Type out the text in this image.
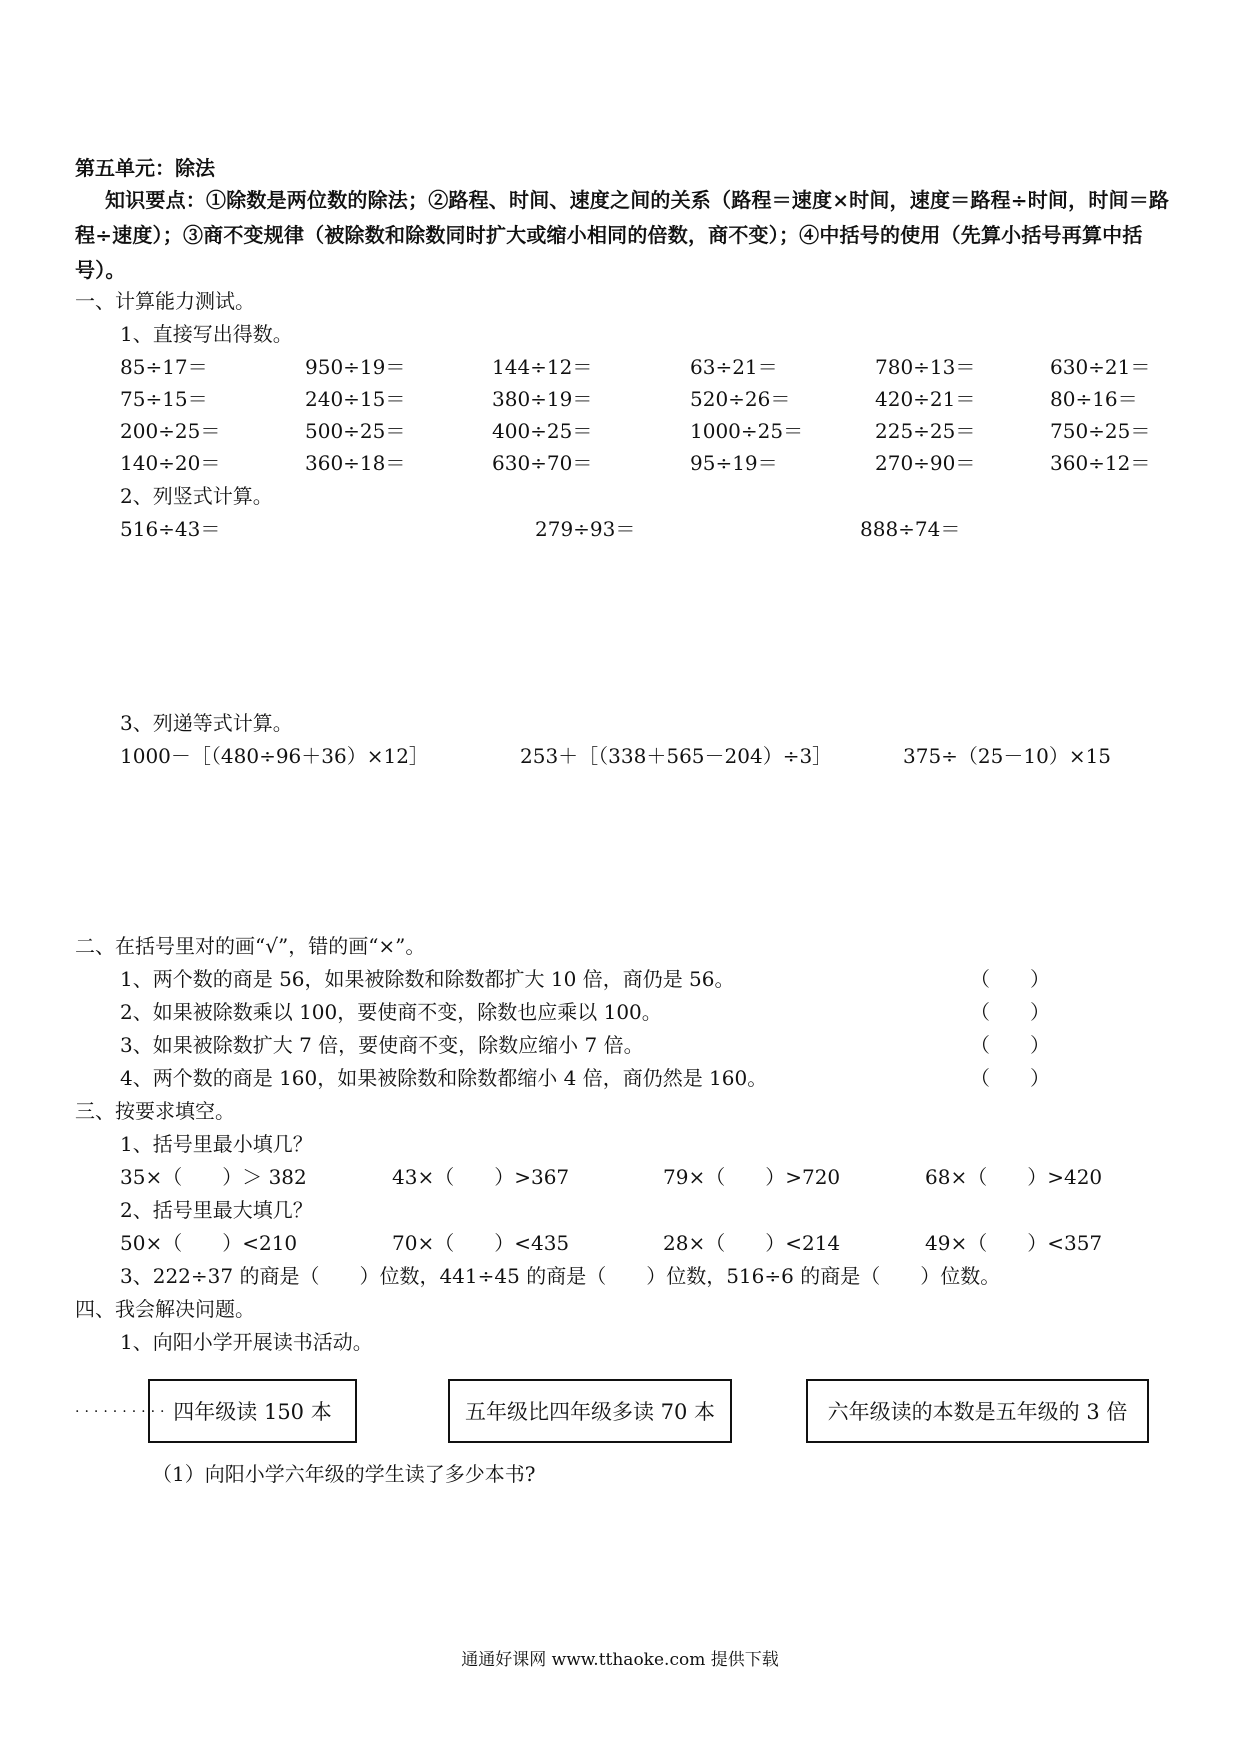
第五单元：除法
知识要点：①除数是两位数的除法；②路程、时间、速度之间的关系（路程＝速度×时间，速度＝路程÷时间，时间＝路程÷速度）；③商不变规律（被除数和除数同时扩大或缩小相同的倍数，商不变）；④中括号的使用（先算小括号再算中括号）。
一、计算能力测试。
1、直接写出得数。
85÷17＝	950÷19＝	144÷12＝	63÷21＝	780÷13＝	630÷21＝
75÷15＝	240÷15＝	380÷19＝	520÷26＝	420÷21＝	80÷16＝
200÷25＝	500÷25＝	400÷25＝	1000÷25＝	225÷25＝	750÷25＝
140÷20＝	360÷18＝	630÷70＝	95÷19＝	270÷90＝	360÷12＝
2、列竖式计算。
516÷43＝	279÷93＝	888÷74＝
3、列递等式计算。
1000－［（480÷96＋36）×12］	253＋［（338＋565－204）÷3］	375÷（25－10）×15
二、在括号里对的画“√”，错的画“×”。
1、两个数的商是 56，如果被除数和除数都扩大 10 倍，商仍是 56。	（　　）
2、如果被除数乘以 100，要使商不变，除数也应乘以 100。	（　　）
3、如果被除数扩大 7 倍，要使商不变，除数应缩小 7 倍。	（　　）
4、两个数的商是 160，如果被除数和除数都缩小 4 倍，商仍然是 160。	（　　）
三、按要求填空。
1、括号里最小填几？
35×（　　）＞ 382	43×（　　）>367	79×（　　）>720	68×（　　）>420
2、括号里最大填几？
50×（　　）<210	70×（　　）<435	28×（　　）<214	49×（　　）<357
3、222÷37 的商是（　　）位数，441÷45 的商是（　　）位数，516÷6 的商是（　　）位数。
四、我会解决问题。
1、向阳小学开展读书活动。
.......... 四年级读 150 本	五年级比四年级多读 70 本	六年级读的本数是五年级的 3 倍
（1）向阳小学六年级的学生读了多少本书?
通通好课网 www.tthaoke.com 提供下载
